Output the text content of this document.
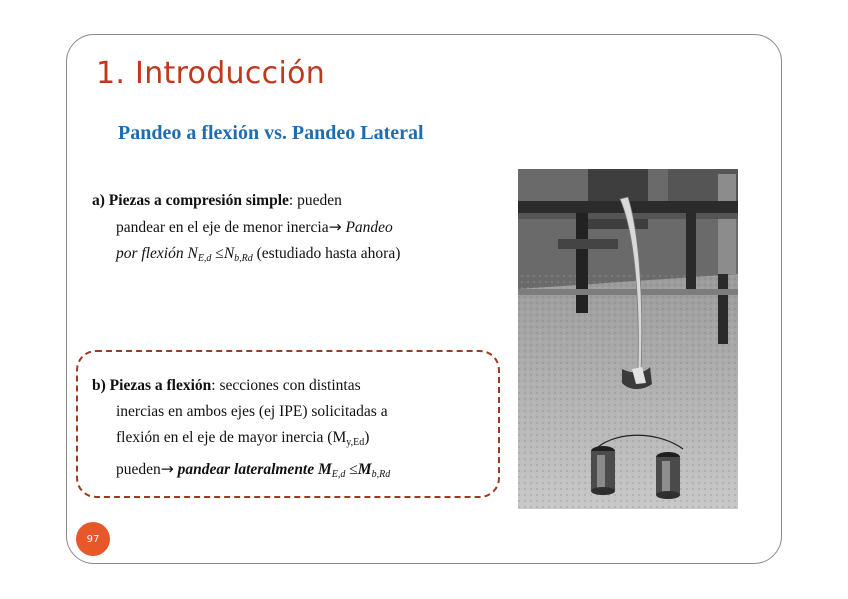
1. Introducción
Pandeo a flexión vs. Pandeo Lateral
a) Piezas a compresión simple: pueden
pandear en el eje de menor inercia→ Pandeo
por flexión $N_{E,d} \le N_{b,Rd}$ (estudiado hasta ahora)
b) Piezas a flexión: secciones con distintas
inercias en ambos ejes (ej IPE) solicitadas a
flexión en el eje de mayor inercia $(M_{y,Ed})$
pueden→ pandear lateralmente $M_{E,d} \le M_{b,Rd}$
97
